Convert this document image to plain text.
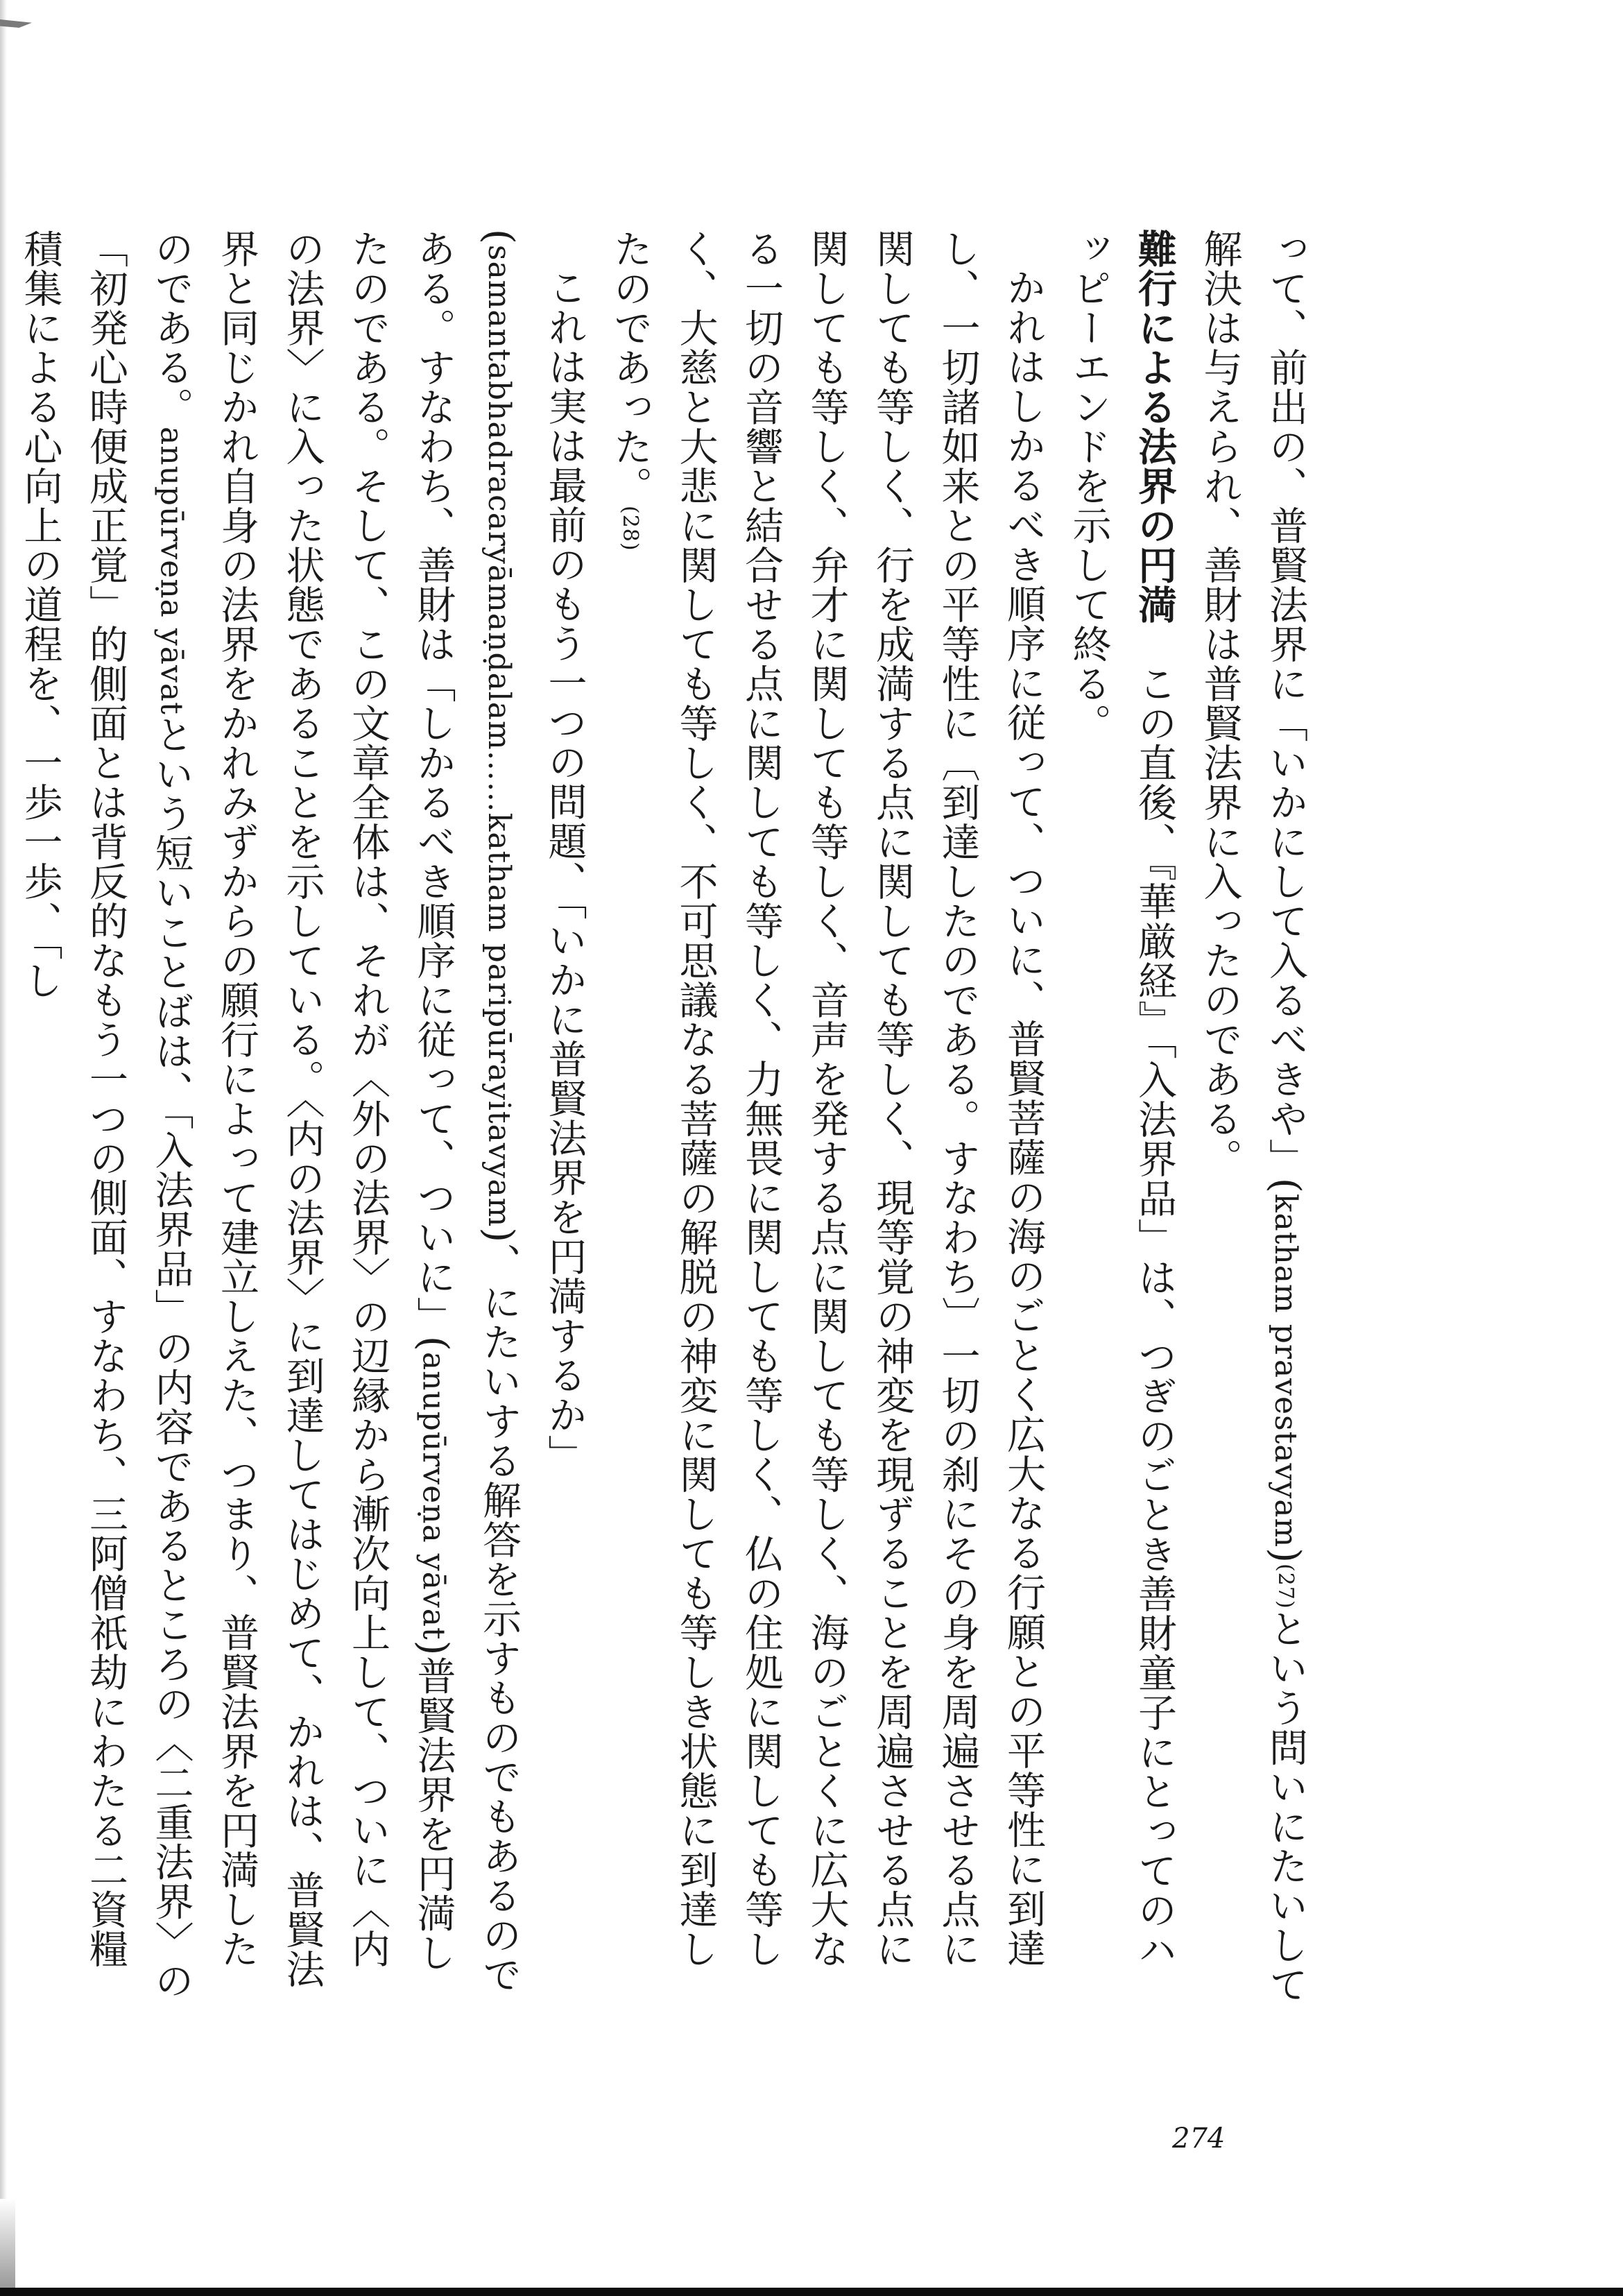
って、前出の、普賢法界に「いかにして入るべきや」(katham pravestavyam)(27)という問いにたいして解決は与えられ、善財は普賢法界に入ったのである。

難行による法界の円満　この直後、『華厳経』「入法界品」は、つぎのごとき善財童子にとってのハッピーエンドを示して終る。

かれはしかるべき順序に従って、ついに、普賢菩薩の海のごとく広大なる行願との平等性に到達し、一切諸如来との平等性に〔到達したのである。すなわち〕一切の刹にその身を周遍させる点に関しても等しく、行を成満する点に関しても等しく、現等覚の神変を現ずることを周遍させる点に関しても等しく、弁才に関しても等しく、音声を発する点に関しても等しく、海のごとくに広大なる一切の音響と結合せる点に関しても等しく、力無畏に関しても等しく、仏の住処に関しても等しく、大慈と大悲に関しても等しく、不可思議なる菩薩の解脱の神変に関しても等しき状態に到達したのであった。(28)

これは実は最前のもう一つの問題、「いかに普賢法界を円満するか」(samantabhadracaryāmaṇḍalam……katham paripūrayitavyam)、にたいする解答を示すものでもあるのである。すなわち、善財は「しかるべき順序に従って、ついに」(anupūrveṇa yāvat)普賢法界を円満したのである。そして、この文章全体は、それが〈外の法界〉の辺縁から漸次向上して、ついに〈内の法界〉に入った状態であることを示している。〈内の法界〉に到達してはじめて、かれは、普賢法界と同じかれ自身の法界をかれみずからの願行によって建立しえた、つまり、普賢法界を円満したのである。anupūrveṇa yāvatという短いことばは、「入法界品」の内容であるところの〈二重法界〉の「初発心時便成正覚」的側面とは背反的なもう一つの側面、すなわち、三阿僧祇劫にわたる二資糧積集による心向上の道程を、一歩一歩、「し

274
